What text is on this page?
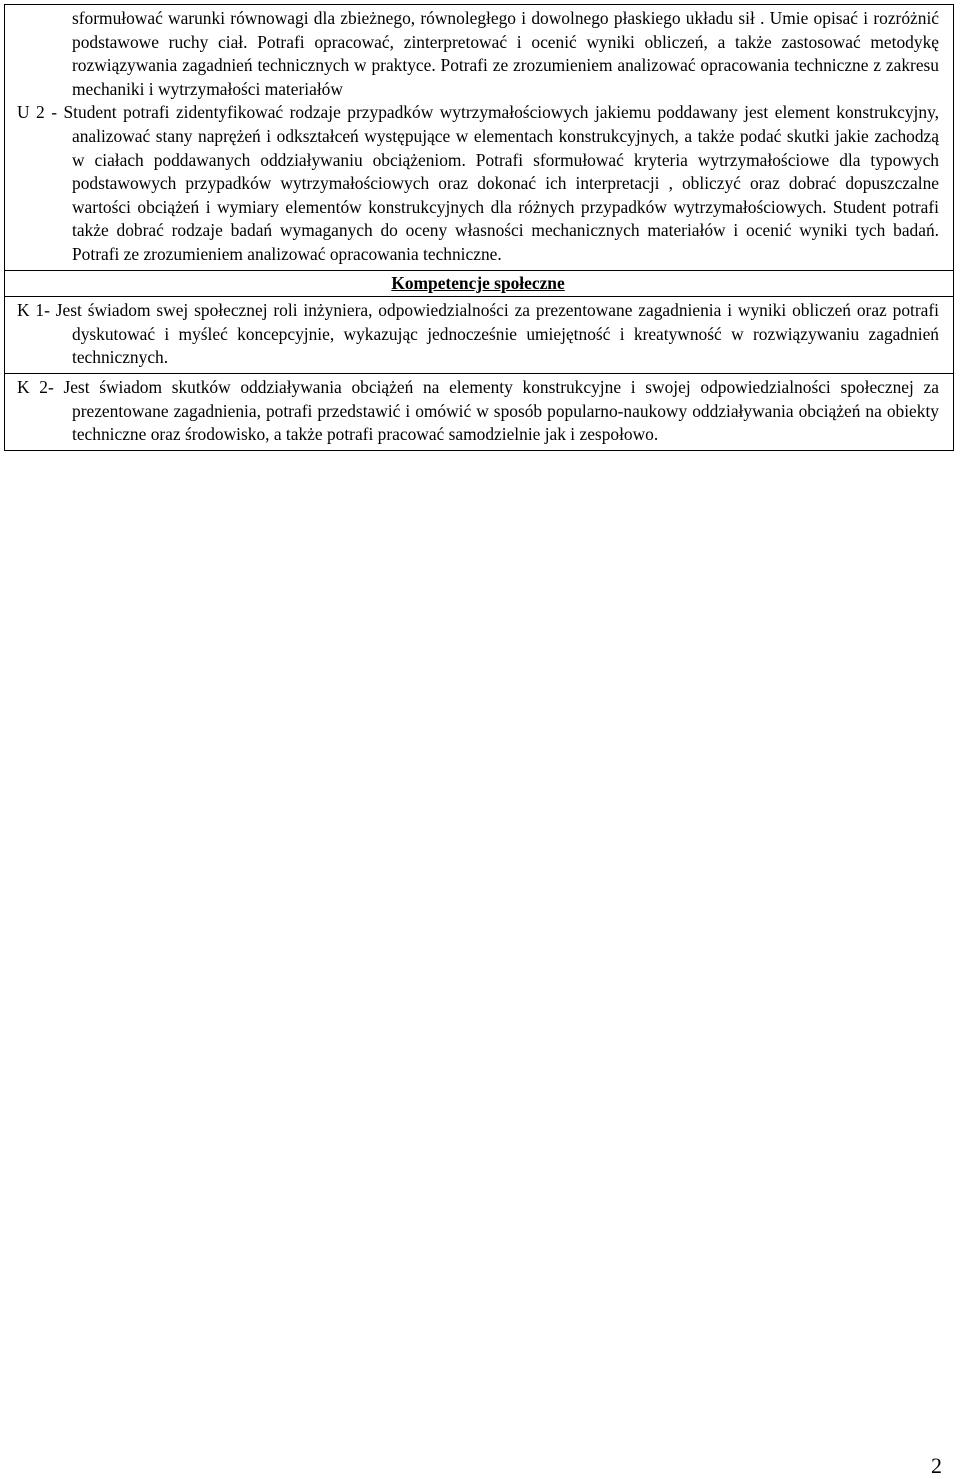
sformułować warunki równowagi dla zbieżnego, równoległego i dowolnego płaskiego układu sił . Umie opisać i rozróżnić podstawowe ruchy ciał. Potrafi opracować, zinterpretować i ocenić wyniki obliczeń, a także zastosować metodykę rozwiązywania zagadnień technicznych w praktyce. Potrafi ze zrozumieniem analizować opracowania techniczne z zakresu mechaniki i wytrzymałości materiałów

U 2 - Student potrafi zidentyfikować rodzaje przypadków wytrzymałościowych jakiemu poddawany jest element konstrukcyjny, analizować stany naprężeń i odkształceń występujące w elementach konstrukcyjnych, a także podać skutki jakie zachodzą w ciałach poddawanych oddziaływaniu obciążeniom. Potrafi sformułować kryteria wytrzymałościowe dla typowych podstawowych przypadków wytrzymałościowych oraz dokonać ich interpretacji , obliczyć oraz dobrać dopuszczalne wartości obciążeń i wymiary elementów konstrukcyjnych dla różnych przypadków wytrzymałościowych. Student potrafi także dobrać rodzaje badań wymaganych do oceny własności mechanicznych materiałów i ocenić wyniki tych badań. Potrafi ze zrozumieniem analizować opracowania techniczne.

Kompetencje społeczne

K 1- Jest świadom swej społecznej roli inżyniera, odpowiedzialności za prezentowane zagadnienia i wyniki obliczeń oraz potrafi dyskutować i myśleć koncepcyjnie, wykazując jednocześnie umiejętność i kreatywność w rozwiązywaniu zagadnień technicznych.

K 2- Jest świadom skutków oddziaływania obciążeń na elementy konstrukcyjne i swojej odpowiedzialności społecznej za prezentowane zagadnienia, potrafi przedstawić i omówić w sposób popularno-naukowy oddziaływania obciążeń na obiekty techniczne oraz środowisko, a także potrafi pracować samodzielnie jak i zespołowo.

2
